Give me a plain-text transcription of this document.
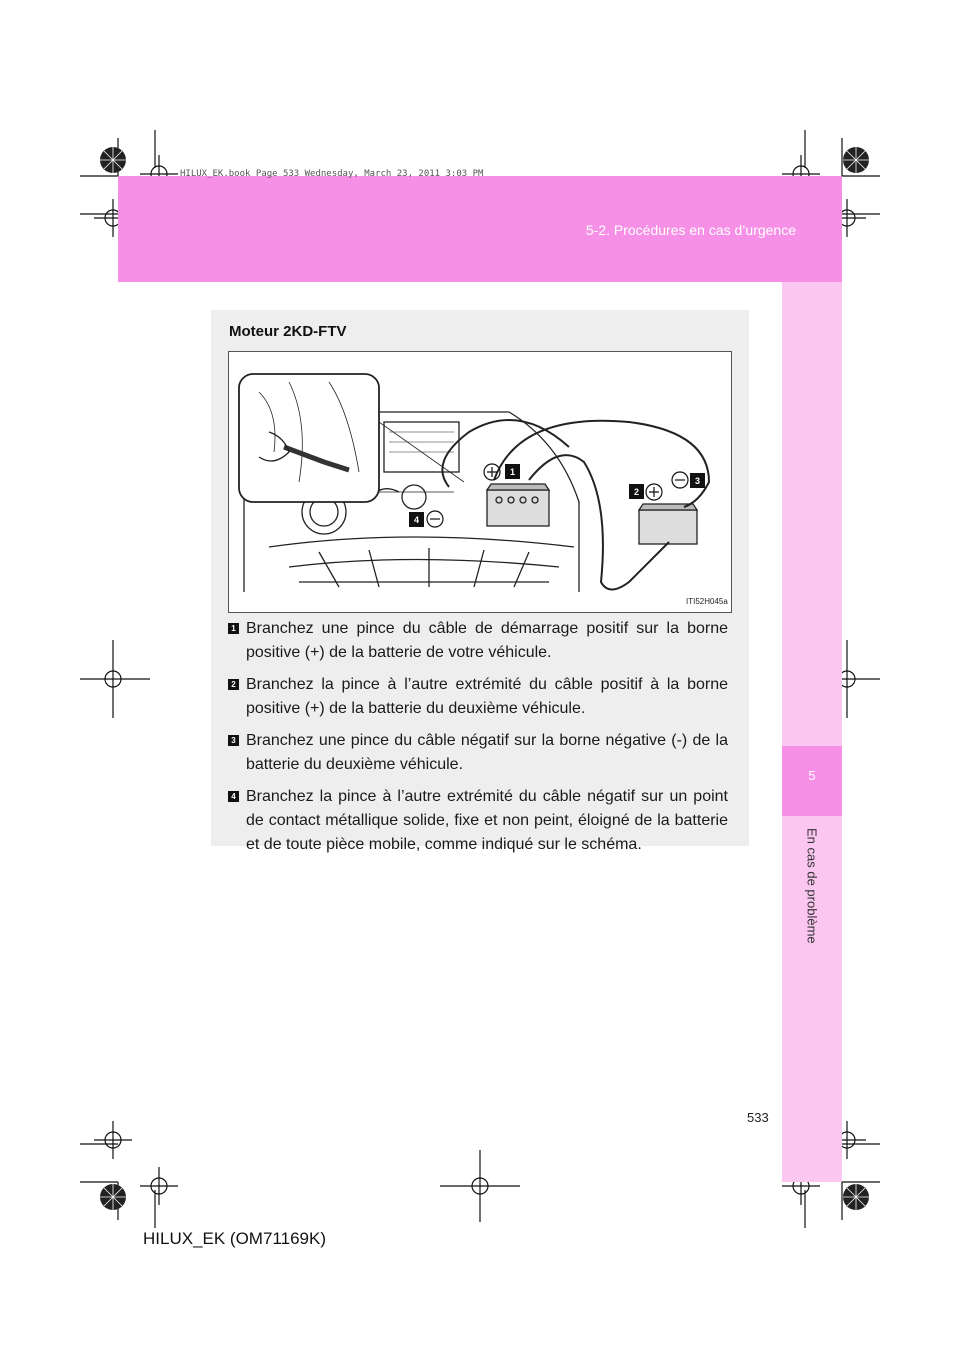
HILUX_EK.book Page 533 Wednesday, March 23, 2011 3:03 PM
5-2. Procédures en cas d’urgence
5
En cas de problème
Moteur 2KD-FTV
1
2
3
4
ITI52H045a
1 Branchez une pince du câble de démarrage positif sur la borne positive (+) de la batterie de votre véhicule.
2 Branchez la pince à l’autre extrémité du câble positif à la borne positive (+) de la batterie du deuxième véhicule.
3 Branchez une pince du câble négatif sur la borne négative (-) de la batterie du deuxième véhicule.
4 Branchez la pince à l’autre extrémité du câble négatif sur un point de contact métallique solide, fixe et non peint, éloigné de la batterie et de toute pièce mobile, comme indiqué sur le schéma.
533
HILUX_EK (OM71169K)
